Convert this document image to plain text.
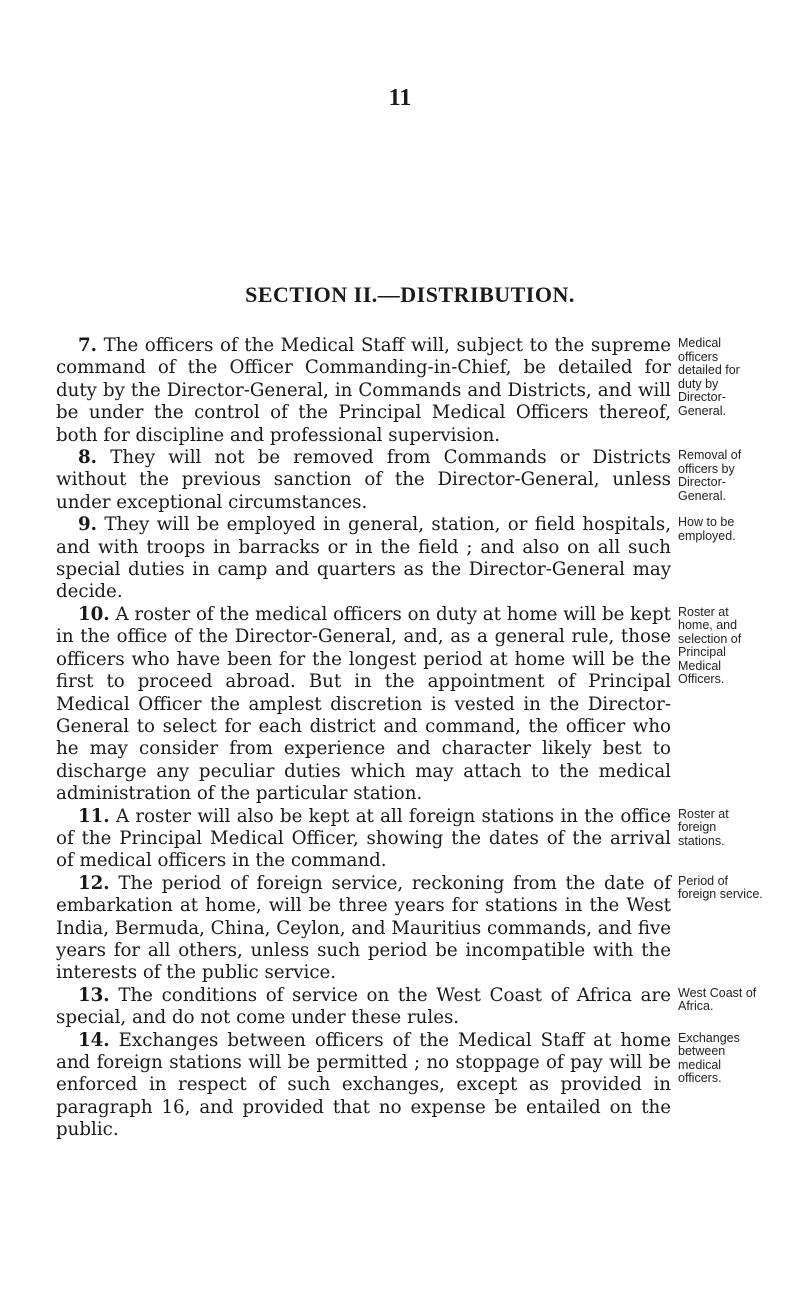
11
SECTION II.—DISTRIBUTION.

7. The officers of the Medical Staff will, subject to the supreme command of the Officer Commanding-in-Chief, be detailed for duty by the Director-General, in Commands and Districts, and will be under the control of the Principal Medical Officers thereof, both for discipline and professional supervision.

Medical officers detailed for duty by Director-General.

8. They will not be removed from Commands or Districts without the previous sanction of the Director-General, unless under exceptional circumstances.

Removal of officers by Director-General.

9. They will be employed in general, station, or field hospitals, and with troops in barracks or in the field ; and also on all such special duties in camp and quarters as the Director-General may decide.

How to be employed.

10. A roster of the medical officers on duty at home will be kept in the office of the Director-General, and, as a general rule, those officers who have been for the longest period at home will be the first to proceed abroad. But in the appointment of Principal Medical Officer the amplest discretion is vested in the Director-General to select for each district and command, the officer who he may consider from experience and character likely best to discharge any peculiar duties which may attach to the medical administration of the particular station.

Roster at home, and selection of Principal Medical Officers.

11. A roster will also be kept at all foreign stations in the office of the Principal Medical Officer, showing the dates of the arrival of medical officers in the command.

Roster at foreign stations.

12. The period of foreign service, reckoning from the date of embarkation at home, will be three years for stations in the West India, Bermuda, China, Ceylon, and Mauritius commands, and five years for all others, unless such period be incompatible with the interests of the public service.

Period of foreign service.

13. The conditions of service on the West Coast of Africa are special, and do not come under these rules.

West Coast of Africa.

14. Exchanges between officers of the Medical Staff at home and foreign stations will be permitted ; no stoppage of pay will be enforced in respect of such exchanges, except as provided in paragraph 16, and provided that no expense be entailed on the public.

Exchanges between medical officers.
